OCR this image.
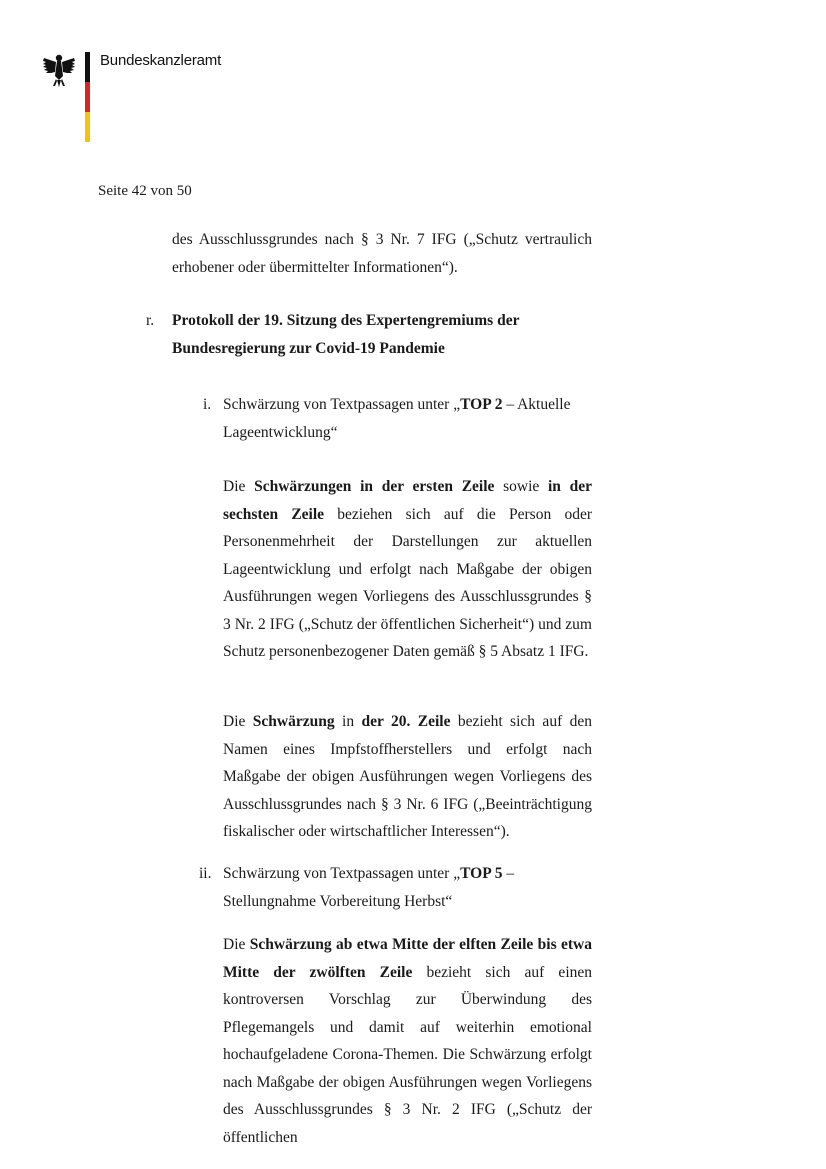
Bundeskanzleramt
Seite 42 von 50
des Ausschlussgrundes nach § 3 Nr. 7 IFG („Schutz vertraulich erhobener oder übermittelter Informationen“).
r. Protokoll der 19. Sitzung des Expertengremiums der Bundesregierung zur Covid-19 Pandemie
i. Schwärzung von Textpassagen unter „TOP 2 – Aktuelle Lageentwicklung“
Die Schwärzungen in der ersten Zeile sowie in der sechsten Zeile beziehen sich auf die Person oder Personenmehrheit der Darstellungen zur aktuellen Lageentwicklung und erfolgt nach Maßgabe der obigen Ausführungen wegen Vorliegens des Ausschlussgrundes § 3 Nr. 2 IFG („Schutz der öffentlichen Sicherheit“) und zum Schutz personenbezogener Daten gemäß § 5 Absatz 1 IFG.
Die Schwärzung in der 20. Zeile bezieht sich auf den Namen eines Impfstoffherstellers und erfolgt nach Maßgabe der obigen Ausführungen wegen Vorliegens des Ausschlussgrundes nach § 3 Nr. 6 IFG („Beeinträchtigung fiskalischer oder wirtschaftlicher Interessen“).
ii. Schwärzung von Textpassagen unter „TOP 5 – Stellungnahme Vorbereitung Herbst“
Die Schwärzung ab etwa Mitte der elften Zeile bis etwa Mitte der zwölften Zeile bezieht sich auf einen kontroversen Vorschlag zur Überwindung des Pflegemangels und damit auf weiterhin emotional hochaufgeladene Corona-Themen. Die Schwärzung erfolgt nach Maßgabe der obigen Ausführungen wegen Vorliegens des Ausschlussgrundes § 3 Nr. 2 IFG („Schutz der öffentlichen
